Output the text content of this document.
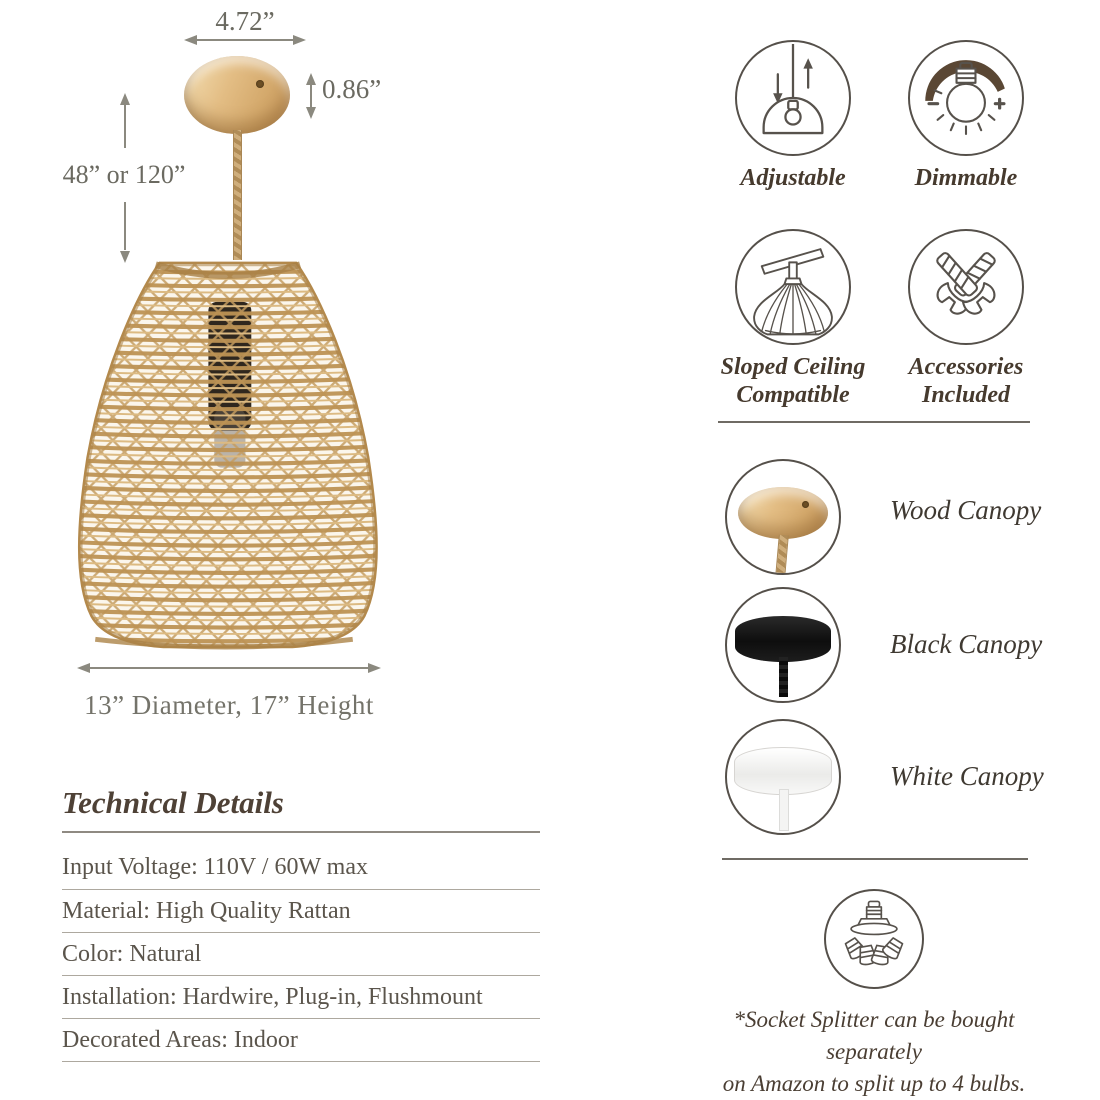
4.72”
0.86”
48” or 120”
13” Diameter, 17” Height
Technical Details
Input Voltage: 110V / 60W max
Material: High Quality Rattan
Color: Natural
Installation: Hardwire, Plug-in, Flushmount
Decorated Areas: Indoor
Adjustable	Dimmable
Sloped Ceiling Compatible
Accessories Included
Wood Canopy
Black Canopy
White Canopy
*Socket Splitter can be bought separately
on Amazon to split up to 4 bulbs.
